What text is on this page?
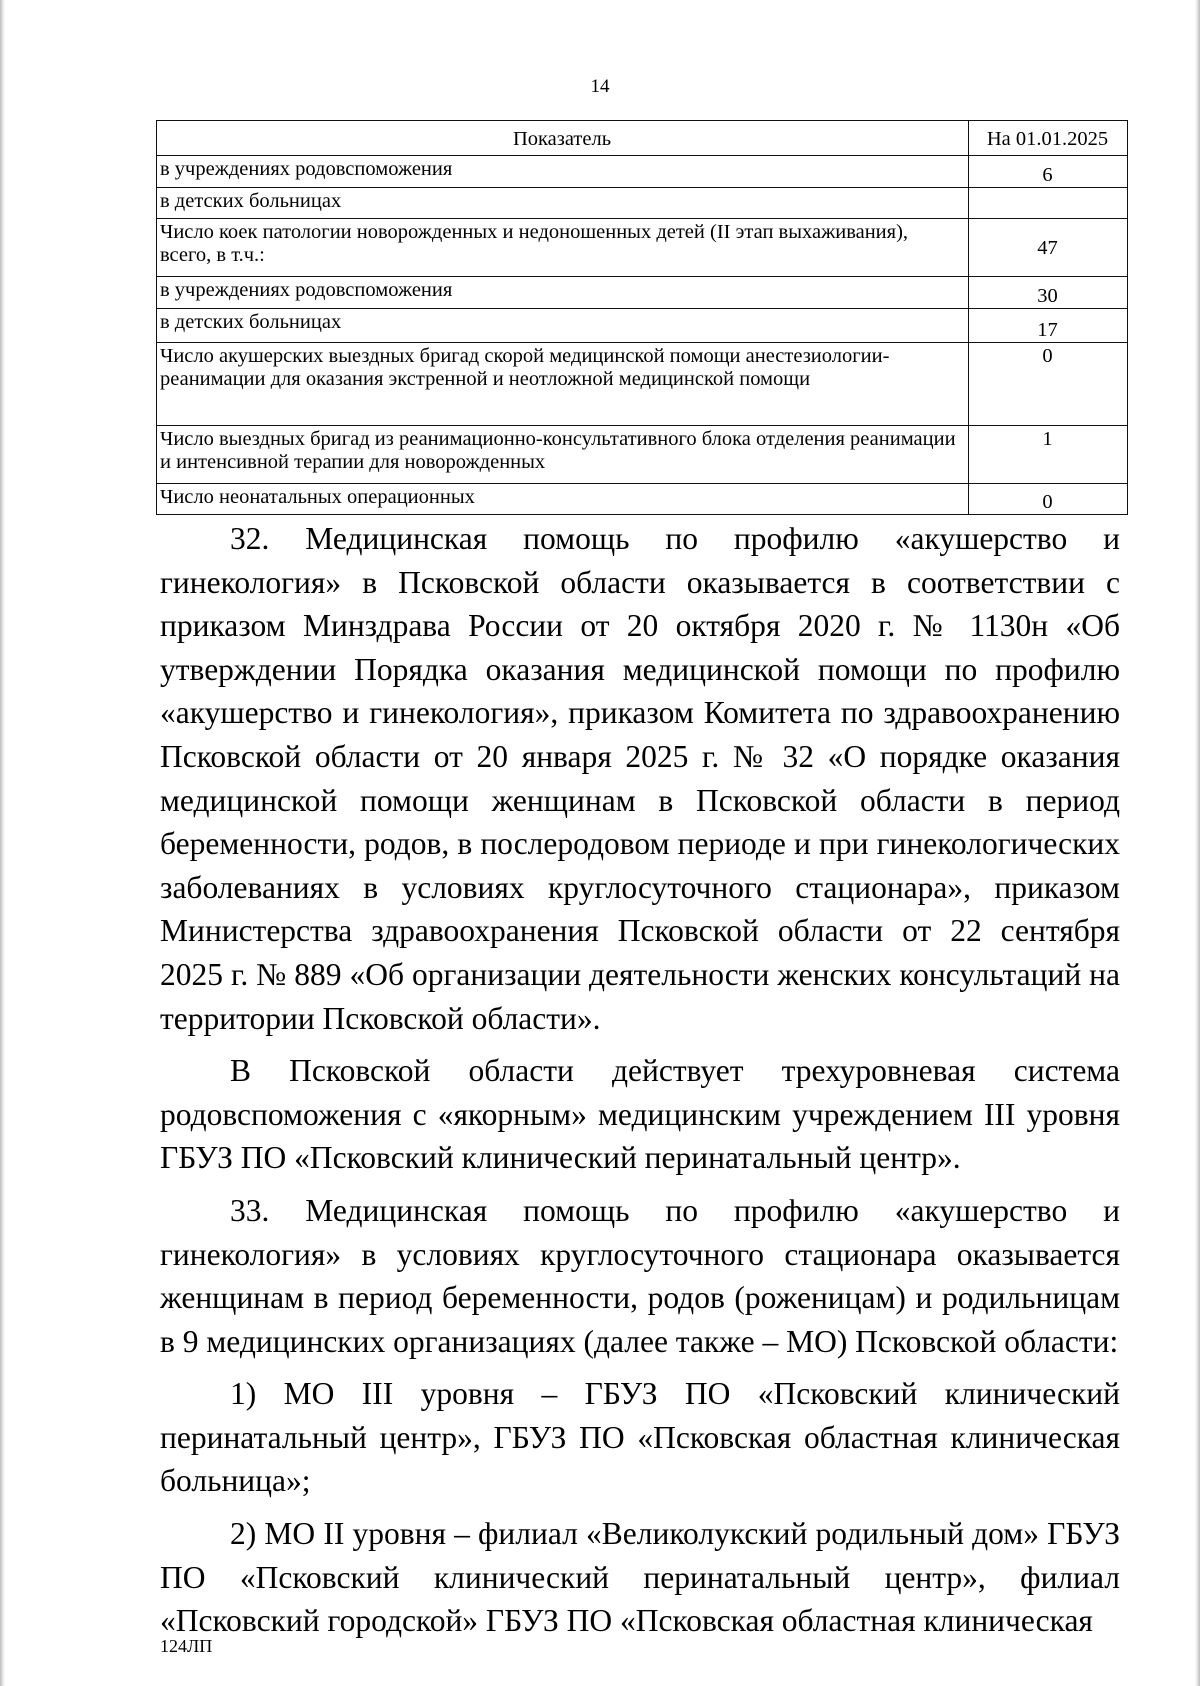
14
Показатель	На 01.01.2025
в учреждениях родовспоможения	6
в детских больницах	
Число коек патологии новорожденных и недоношенных детей (II этап выхаживания), всего, в т.ч.:	47
в учреждениях родовспоможения	30
в детских больницах	17
Число акушерских выездных бригад скорой медицинской помощи анестезиологии-реанимации для оказания экстренной и неотложной медицинской помощи	0
Число выездных бригад из реанимационно-консультативного блока отделения реанимации и интенсивной терапии для новорожденных	1
Число неонатальных операционных	0

32. Медицинская помощь по профилю «акушерство и гинекология» в Псковской области оказывается в соответствии с приказом Минздрава России от 20 октября 2020 г. № 1130н «Об утверждении Порядка оказания медицинской помощи по профилю «акушерство и гинекология», приказом Комитета по здравоохранению Псковской области от 20 января 2025 г. № 32 «О порядке оказания медицинской помощи женщинам в Псковской области в период беременности, родов, в послеродовом периоде и при гинекологических заболеваниях в условиях круглосуточного стационара», приказом Министерства здравоохранения Псковской области от 22 сентября 2025 г. № 889 «Об организации деятельности женских консультаций на территории Псковской области».

В Псковской области действует трехуровневая система родовспоможения с «якорным» медицинским учреждением III уровня ГБУЗ ПО «Псковский клинический перинатальный центр».

33. Медицинская помощь по профилю «акушерство и гинекология» в условиях круглосуточного стационара оказывается женщинам в период беременности, родов (роженицам) и родильницам в 9 медицинских организациях (далее также – МО) Псковской области:

1) МО III уровня – ГБУЗ ПО «Псковский клинический перинатальный центр», ГБУЗ ПО «Псковская областная клиническая больница»;

2) МО II уровня – филиал «Великолукский родильный дом» ГБУЗ ПО «Псковский клинический перинатальный центр», филиал «Псковский городской» ГБУЗ ПО «Псковская областная клиническая

124ЛП
